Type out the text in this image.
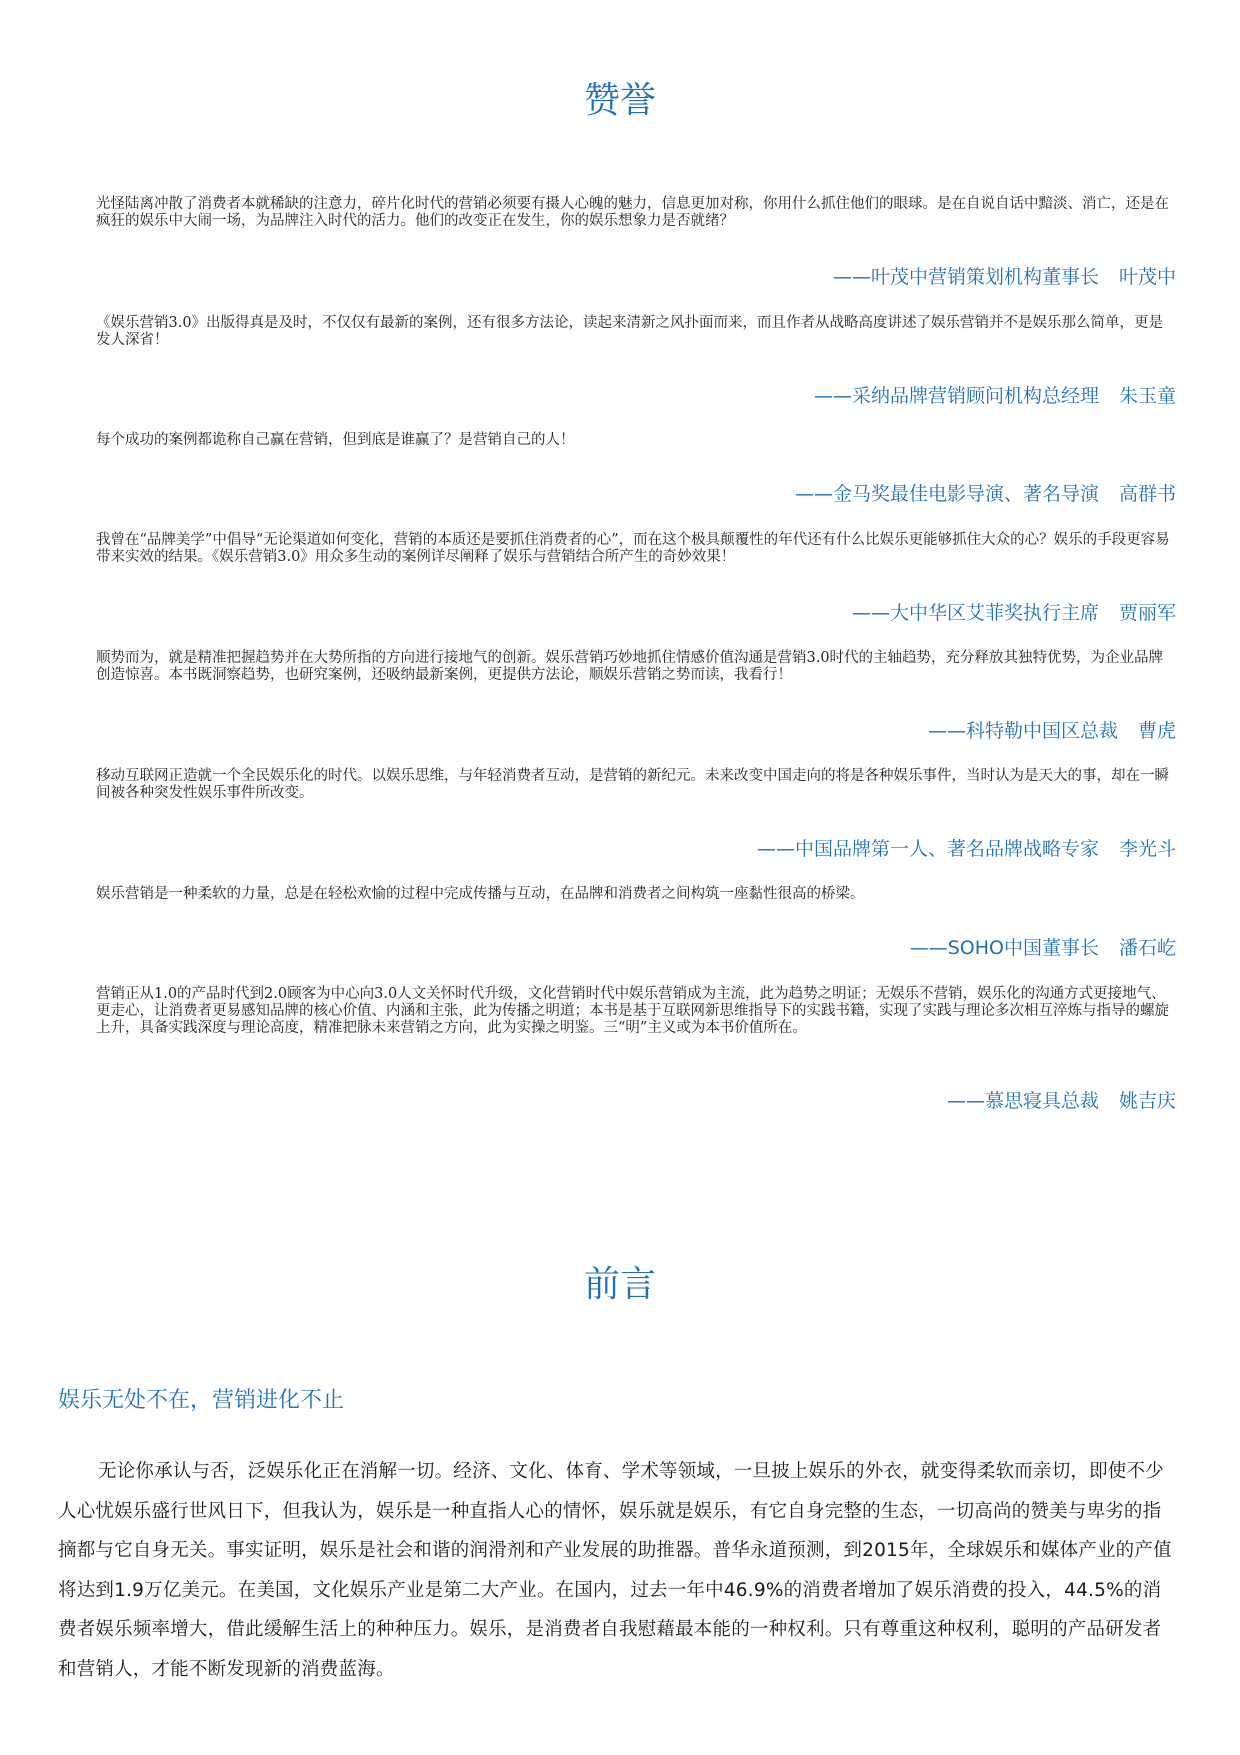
赞誉

光怪陆离冲散了消费者本就稀缺的注意力，碎片化时代的营销必须要有摄人心魄的魅力，信息更加对称，你用什么抓住他们的眼球。是在自说自话中黯淡、消亡，还是在疯狂的娱乐中大闹一场，为品牌注入时代的活力。他们的改变正在发生，你的娱乐想象力是否就绪？

——叶茂中营销策划机构董事长 叶茂中

《娱乐营销3.0》出版得真是及时，不仅仅有最新的案例，还有很多方法论，读起来清新之风扑面而来，而且作者从战略高度讲述了娱乐营销并不是娱乐那么简单，更是发人深省！

——采纳品牌营销顾问机构总经理 朱玉童

每个成功的案例都诡称自己赢在营销，但到底是谁赢了？是营销自己的人！

——金马奖最佳电影导演、著名导演 高群书

我曾在“品牌美学”中倡导“无论渠道如何变化，营销的本质还是要抓住消费者的心”，而在这个极具颠覆性的年代还有什么比娱乐更能够抓住大众的心？娱乐的手段更容易带来实效的结果。《娱乐营销3.0》用众多生动的案例详尽阐释了娱乐与营销结合所产生的奇妙效果！

——大中华区艾菲奖执行主席 贾丽军

顺势而为，就是精准把握趋势并在大势所指的方向进行接地气的创新。娱乐营销巧妙地抓住情感价值沟通是营销3.0时代的主轴趋势，充分释放其独特优势，为企业品牌创造惊喜。本书既洞察趋势，也研究案例，还吸纳最新案例，更提供方法论，顺娱乐营销之势而读，我看行！

——科特勒中国区总裁 曹虎

移动互联网正造就一个全民娱乐化的时代。以娱乐思维，与年轻消费者互动，是营销的新纪元。未来改变中国走向的将是各种娱乐事件，当时认为是天大的事，却在一瞬间被各种突发性娱乐事件所改变。

——中国品牌第一人、著名品牌战略专家 李光斗

娱乐营销是一种柔软的力量，总是在轻松欢愉的过程中完成传播与互动，在品牌和消费者之间构筑一座黏性很高的桥梁。

——SOHO中国董事长 潘石屹

营销正从1.0的产品时代到2.0顾客为中心向3.0人文关怀时代升级，文化营销时代中娱乐营销成为主流，此为趋势之明证；无娱乐不营销，娱乐化的沟通方式更接地气、更走心，让消费者更易感知品牌的核心价值、内涵和主张，此为传播之明道；本书是基于互联网新思维指导下的实践书籍，实现了实践与理论多次相互淬炼与指导的螺旋上升，具备实践深度与理论高度，精准把脉未来营销之方向，此为实操之明鉴。三“明”主义或为本书价值所在。

——慕思寝具总裁 姚吉庆
前言
娱乐无处不在，营销进化不止

无论你承认与否，泛娱乐化正在消解一切。经济、文化、体育、学术等领域，一旦披上娱乐的外衣，就变得柔软而亲切，即使不少人心忧娱乐盛行世风日下，但我认为，娱乐是一种直指人心的情怀，娱乐就是娱乐，有它自身完整的生态，一切高尚的赞美与卑劣的指摘都与它自身无关。事实证明，娱乐是社会和谐的润滑剂和产业发展的助推器。普华永道预测，到2015年，全球娱乐和媒体产业的产值将达到1.9万亿美元。在美国，文化娱乐产业是第二大产业。在国内，过去一年中46.9%的消费者增加了娱乐消费的投入，44.5%的消费者娱乐频率增大，借此缓解生活上的种种压力。娱乐，是消费者自我慰藉最本能的一种权利。只有尊重这种权利，聪明的产品研发者和营销人，才能不断发现新的消费蓝海。
